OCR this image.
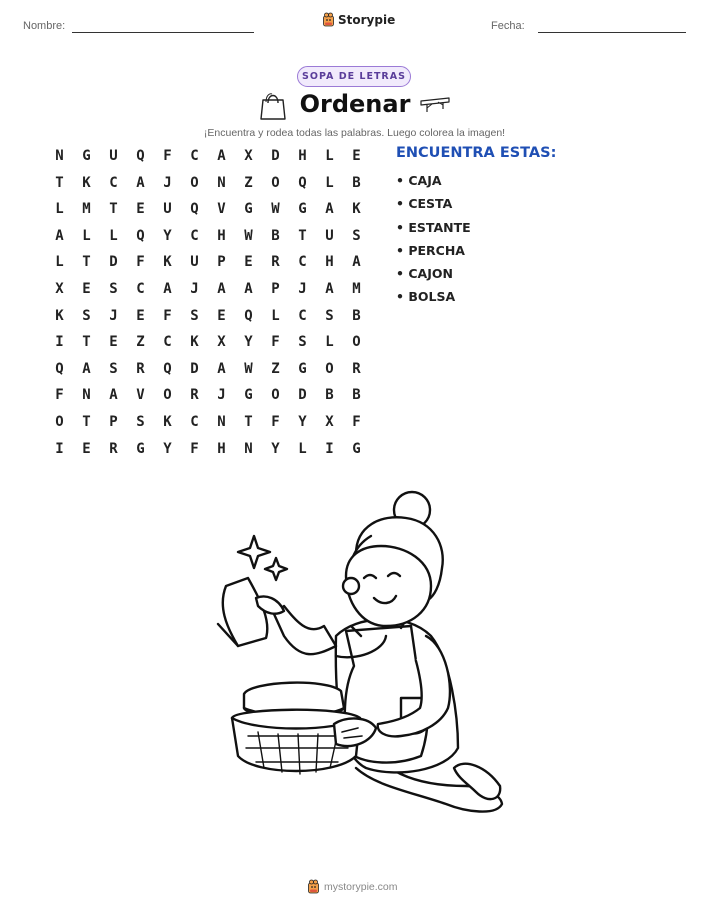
Nombre:	Storypie	Fecha:
SOPA DE LETRAS
Ordenar
¡Encuentra y rodea todas las palabras. Luego colorea la imagen!
N	G	U	Q	F	C	A	X	D	H	L	E
T	K	C	A	J	O	N	Z	O	Q	L	B
L	M	T	E	U	Q	V	G	W	G	A	K
A	L	L	Q	Y	C	H	W	B	T	U	S
L	T	D	F	K	U	P	E	R	C	H	A
X	E	S	C	A	J	A	A	P	J	A	M
K	S	J	E	F	S	E	Q	L	C	S	B
I	T	E	Z	C	K	X	Y	F	S	L	O
Q	A	S	R	Q	D	A	W	Z	G	O	R
F	N	A	V	O	R	J	G	O	D	B	B
O	T	P	S	K	C	N	T	F	Y	X	F
I	E	R	G	Y	F	H	N	Y	L	I	G
ENCUENTRA ESTAS:
• CAJA
• CESTA
• ESTANTE
• PERCHA
• CAJON
• BOLSA
mystorypie.com
